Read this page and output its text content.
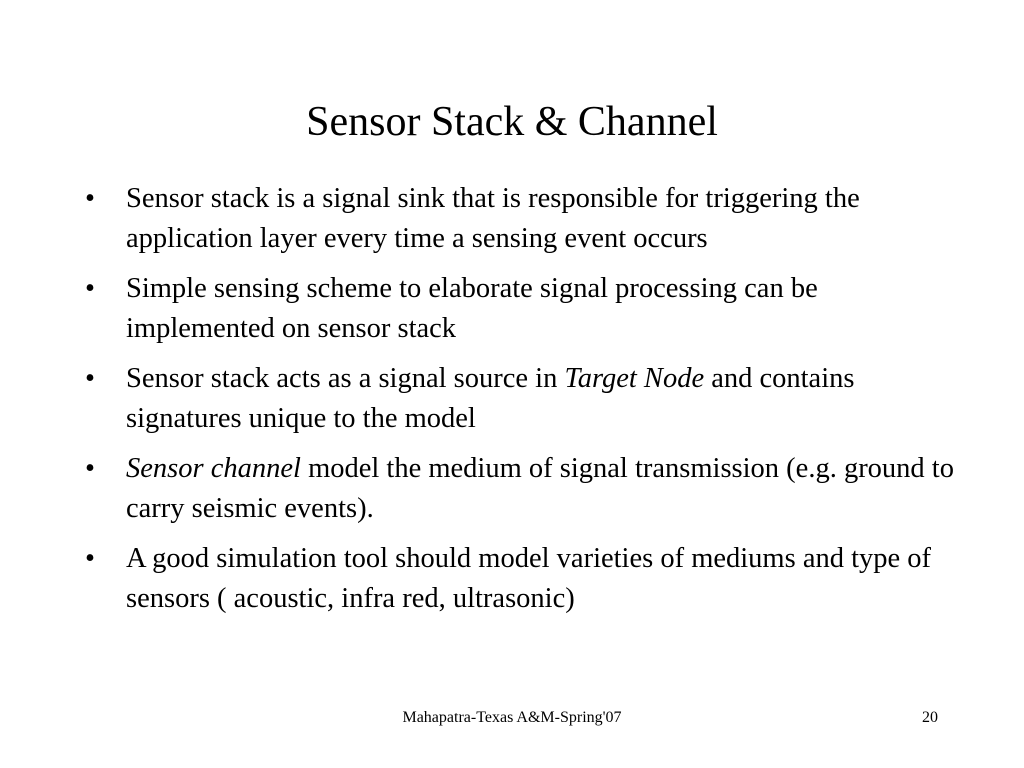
Sensor Stack & Channel
• Sensor stack is a signal sink that is responsible for triggering the application layer every time a sensing event occurs
• Simple sensing scheme to elaborate signal processing can be implemented on sensor stack
• Sensor stack acts as a signal source in Target Node and contains signatures unique to the model
• Sensor channel model the medium of signal transmission (e.g. ground to carry seismic events).
• A good simulation tool should model varieties of mediums and type of sensors ( acoustic, infra red, ultrasonic)
Mahapatra-Texas A&M-Spring'07	20
